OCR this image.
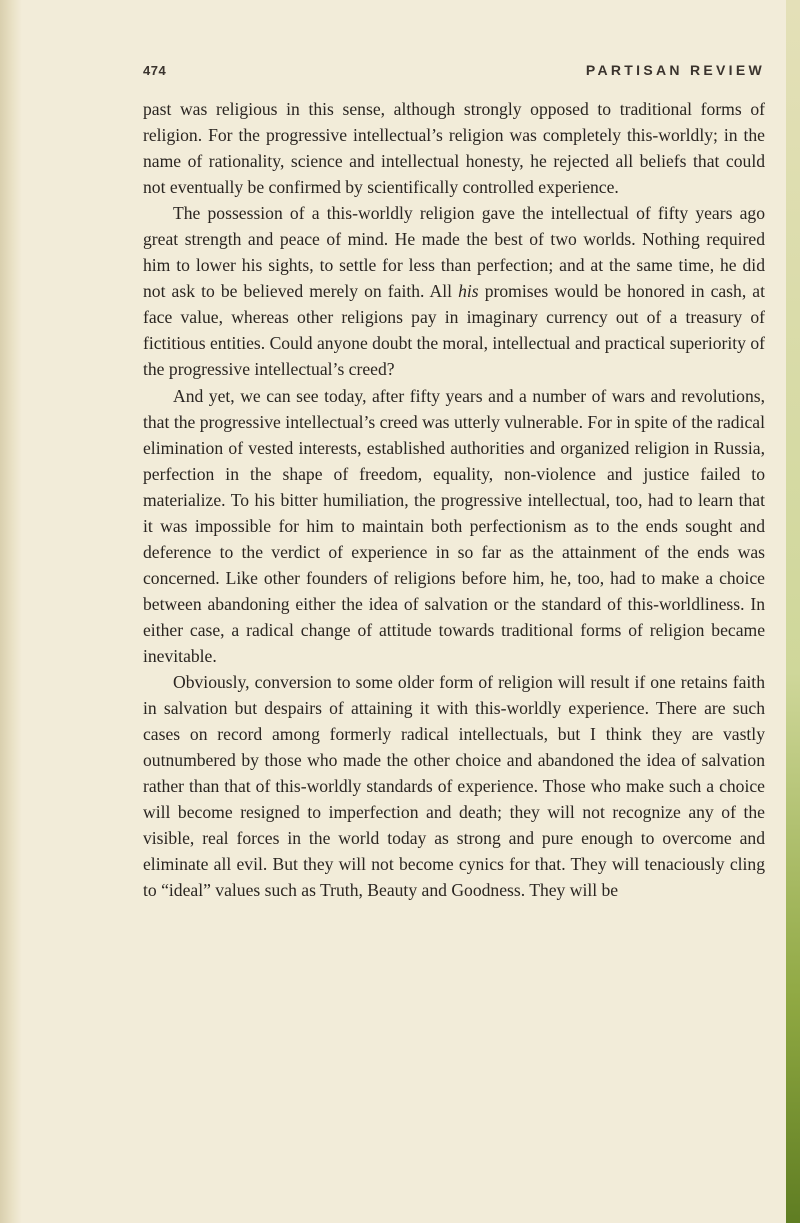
474	PARTISAN REVIEW

past was religious in this sense, although strongly opposed to traditional forms of religion. For the progressive intellectual’s religion was completely this-worldly; in the name of rationality, science and intellectual honesty, he rejected all beliefs that could not eventually be confirmed by scientifically controlled experience.

The possession of a this-worldly religion gave the intellectual of fifty years ago great strength and peace of mind. He made the best of two worlds. Nothing required him to lower his sights, to settle for less than perfection; and at the same time, he did not ask to be believed merely on faith. All his promises would be honored in cash, at face value, whereas other religions pay in imaginary currency out of a treasury of fictitious entities. Could anyone doubt the moral, intellectual and practical superiority of the progressive intellectual’s creed?

And yet, we can see today, after fifty years and a number of wars and revolutions, that the progressive intellectual’s creed was utterly vulnerable. For in spite of the radical elimination of vested interests, established authorities and organized religion in Russia, perfection in the shape of freedom, equality, non-violence and justice failed to materialize. To his bitter humiliation, the progressive intellectual, too, had to learn that it was impossible for him to maintain both perfectionism as to the ends sought and deference to the verdict of experience in so far as the attainment of the ends was concerned. Like other founders of religions before him, he, too, had to make a choice between abandoning either the idea of salvation or the standard of this-worldliness. In either case, a radical change of attitude towards traditional forms of religion became inevitable.

Obviously, conversion to some older form of religion will result if one retains faith in salvation but despairs of attaining it with this-worldly experience. There are such cases on record among formerly radical intellectuals, but I think they are vastly outnumbered by those who made the other choice and abandoned the idea of salvation rather than that of this-worldly standards of experience. Those who make such a choice will become resigned to imperfection and death; they will not recognize any of the visible, real forces in the world today as strong and pure enough to overcome and eliminate all evil. But they will not become cynics for that. They will tenaciously cling to “ideal” values such as Truth, Beauty and Goodness. They will be
